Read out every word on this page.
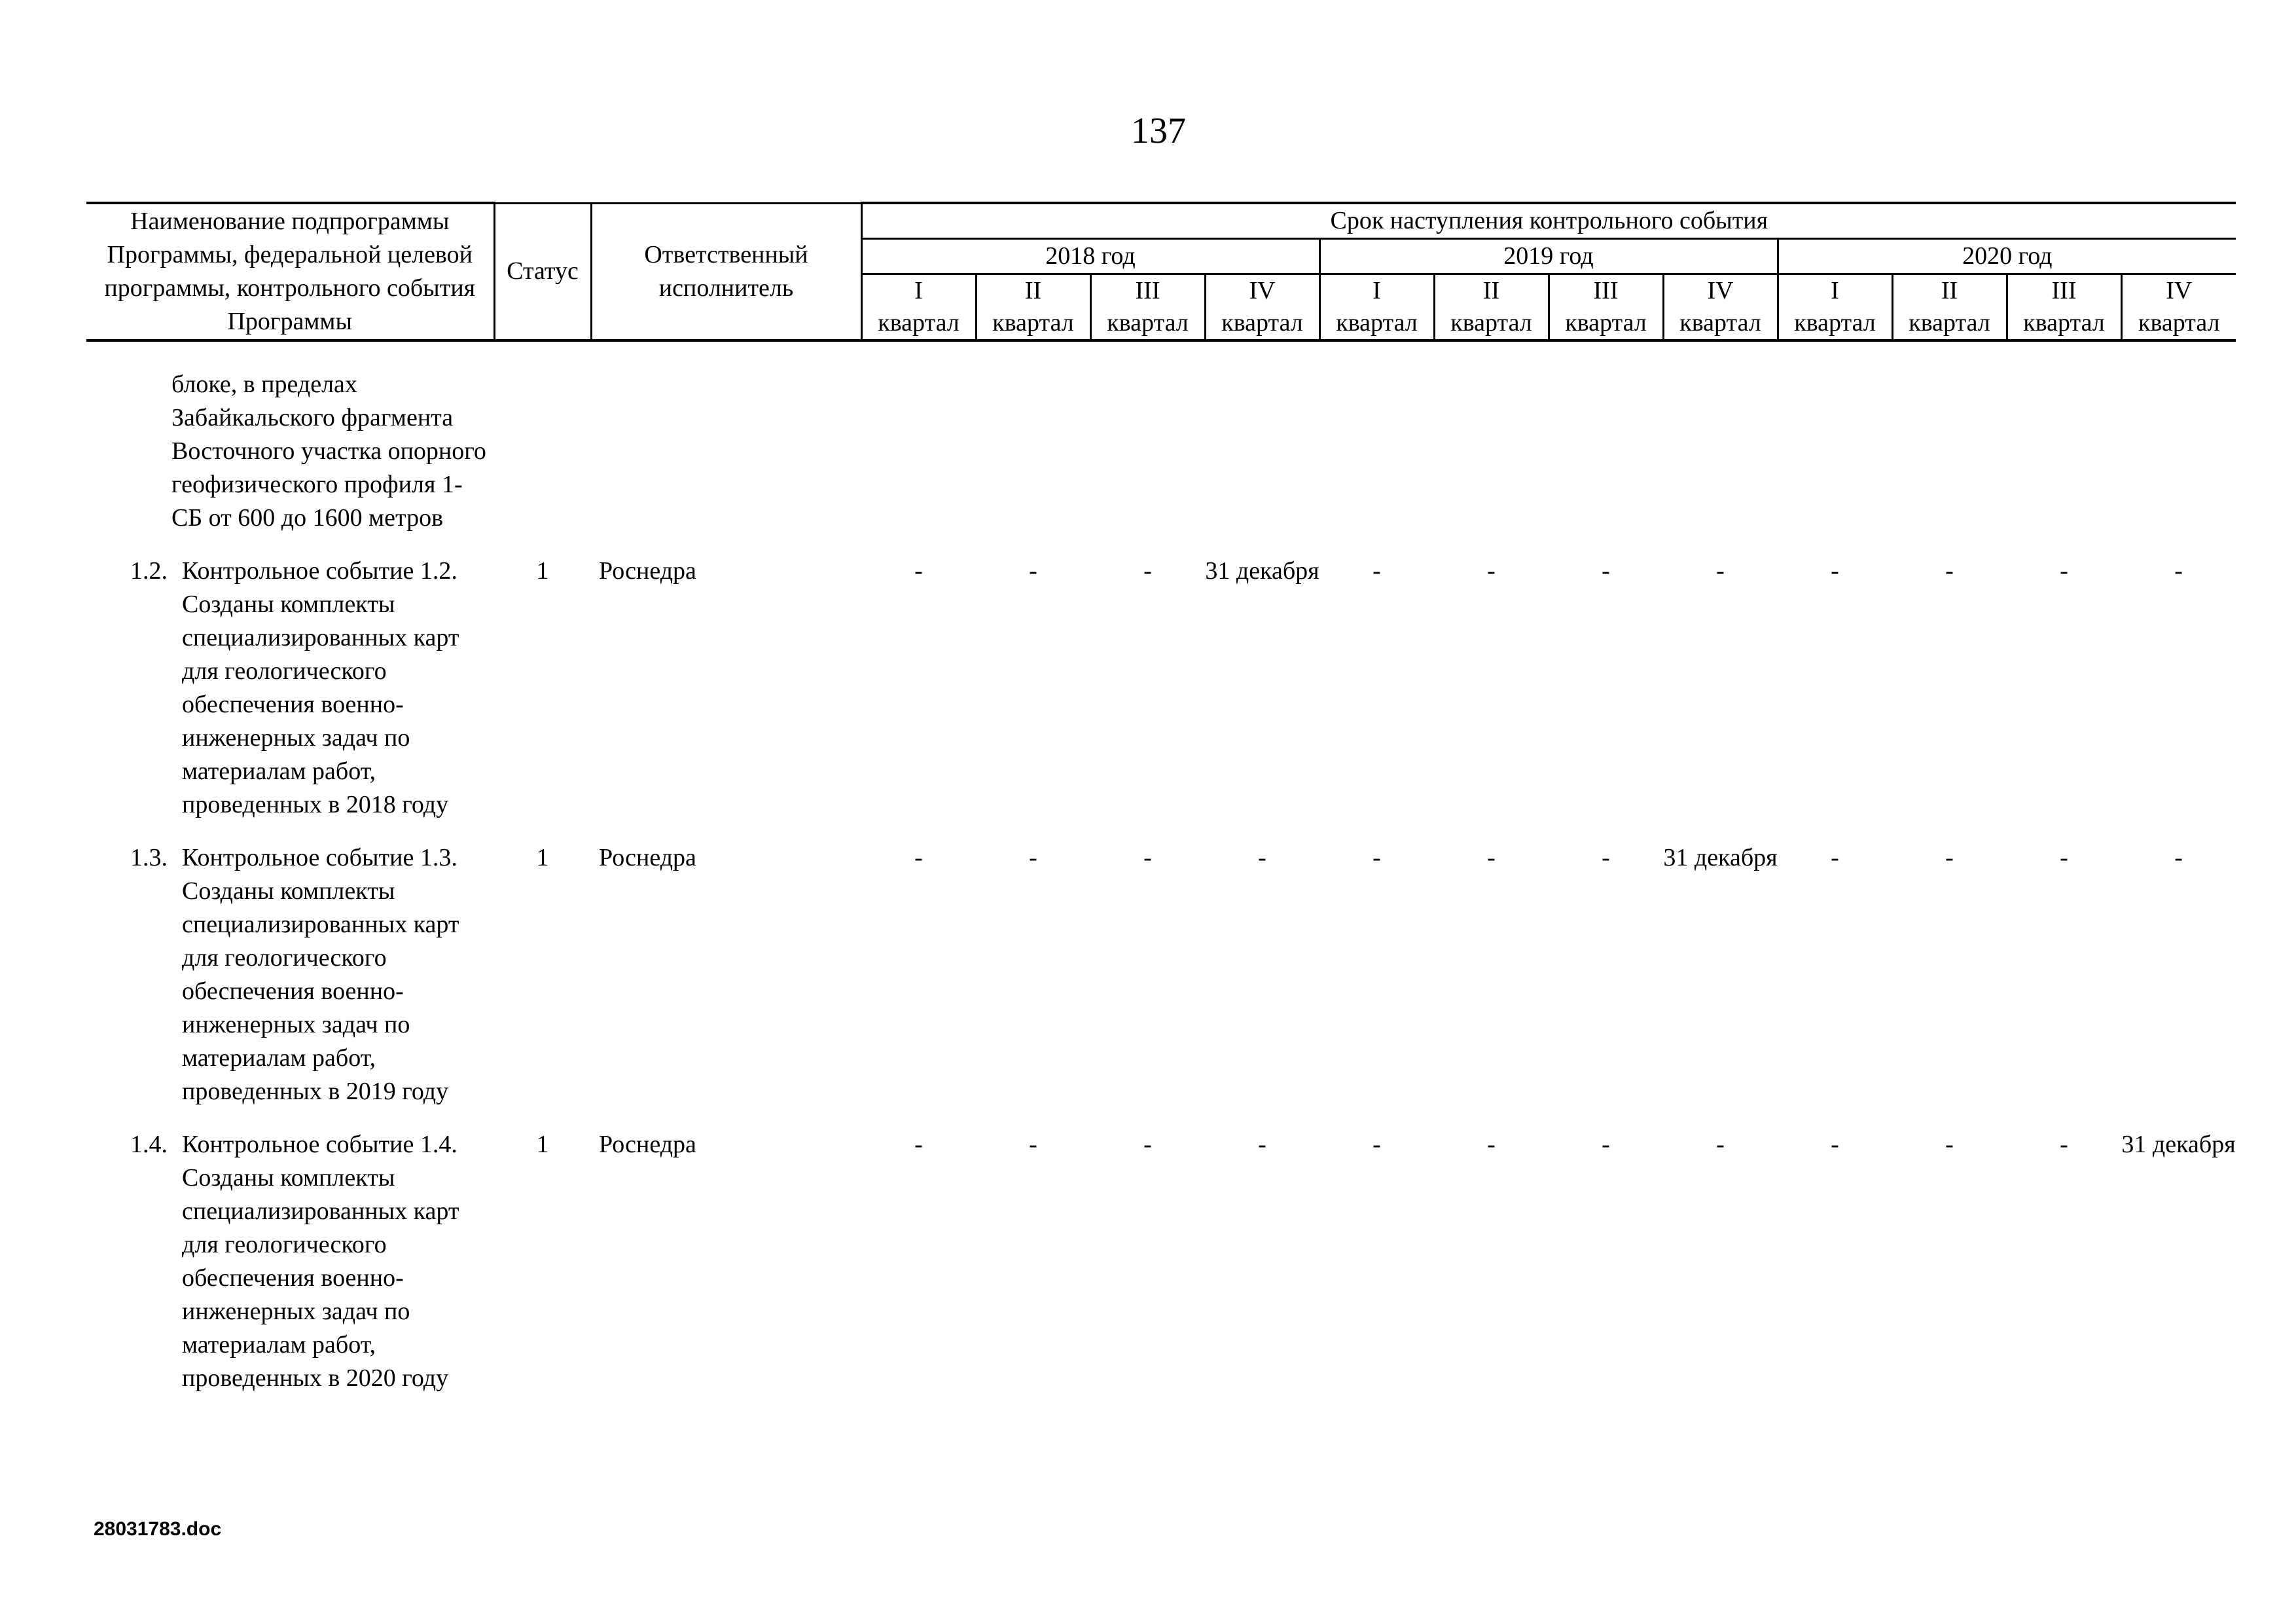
137
Наименование подпрограммы Программы, федеральной целевой программы, контрольного события Программы	Статус	Ответственный исполнитель	Срок наступления контрольного события											
			2018 год				2019 год				2020 год			
			I	II	III	IV	I	II	III	IV	I	II	III	IV
			квартал	квартал	квартал	квартал	квартал	квартал	квартал	квартал	квартал	квартал	квартал	квартал

блоке, в пределах Забайкальского фрагмента Восточного участка опорного геофизического профиля 1-СБ от 600 до 1600 метров														

1.2. Контрольное событие 1.2. Созданы комплекты специализированных карт для геологического обеспечения военно-инженерных задач по материалам работ, проведенных в 2018 году	1	Роснедра	-	-	-	31 декабря	-	-	-	-	-	-	-	-

1.3. Контрольное событие 1.3. Созданы комплекты специализированных карт для геологического обеспечения военно-инженерных задач по материалам работ, проведенных в 2019 году	1	Роснедра	-	-	-	-	-	-	-	31 декабря	-	-	-	-

1.4. Контрольное событие 1.4. Созданы комплекты специализированных карт для геологического обеспечения военно-инженерных задач по материалам работ, проведенных в 2020 году	1	Роснедра	-	-	-	-	-	-	-	-	-	-	-	31 декабря
28031783.doc
